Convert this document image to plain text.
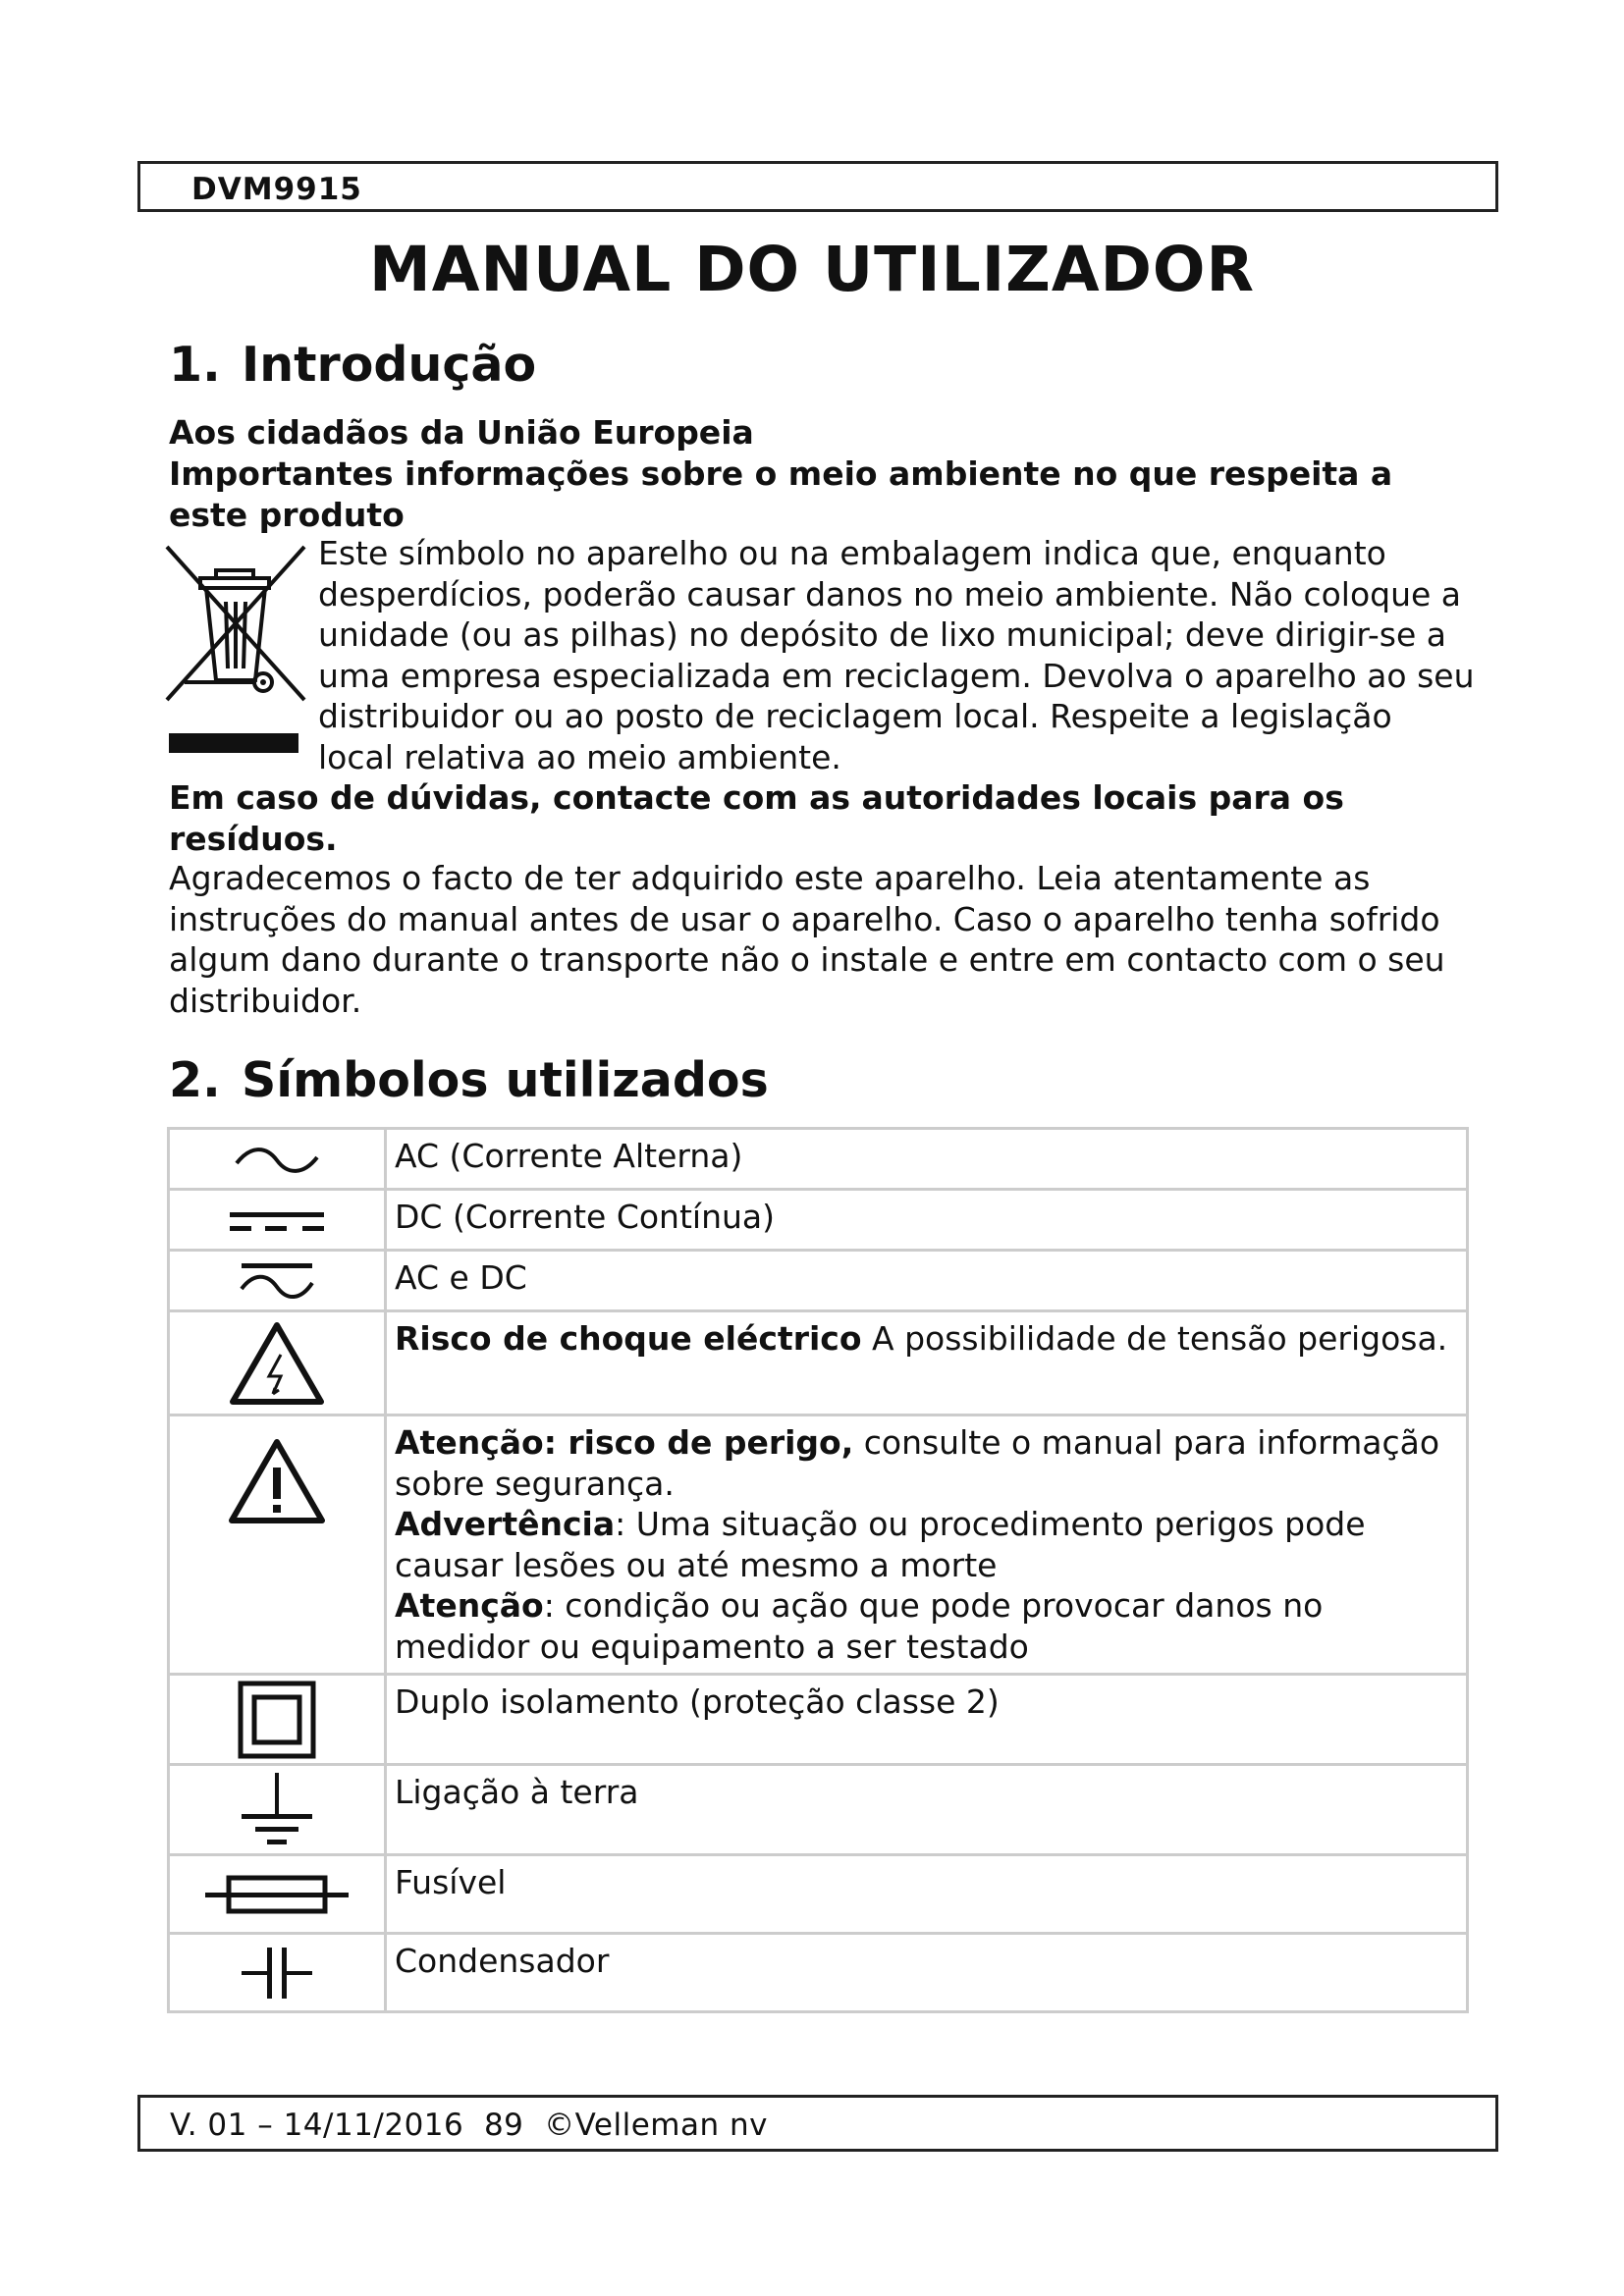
DVM9915
MANUAL DO UTILIZADOR
1. Introdução
Aos cidadãos da União Europeia
Importantes informações sobre o meio ambiente no que respeita a este produto
Este símbolo no aparelho ou na embalagem indica que, enquanto desperdícios, poderão causar danos no meio ambiente. Não coloque a unidade (ou as pilhas) no depósito de lixo municipal; deve dirigir-se a uma empresa especializada em reciclagem. Devolva o aparelho ao seu distribuidor ou ao posto de reciclagem local. Respeite a legislação local relativa ao meio ambiente.
Em caso de dúvidas, contacte com as autoridades locais para os resíduos.
Agradecemos o facto de ter adquirido este aparelho. Leia atentamente as instruções do manual antes de usar o aparelho. Caso o aparelho tenha sofrido algum dano durante o transporte não o instale e entre em contacto com o seu distribuidor.
2. Símbolos utilizados
	AC (Corrente Alterna)
	DC (Corrente Contínua)
	AC e DC
	Risco de choque eléctrico A possibilidade de tensão perigosa.

Atenção: risco de perigo, consulte o manual para informação sobre segurança.
Advertência: Uma situação ou procedimento perigos pode causar lesões ou até mesmo a morte
Atenção: condição ou ação que pode provocar danos no medidor ou equipamento a ser testado

	Duplo isolamento (proteção classe 2)
	Ligação à terra
	Fusível
	Condensador
V. 01 – 14/11/2016  89  ©Velleman nv
